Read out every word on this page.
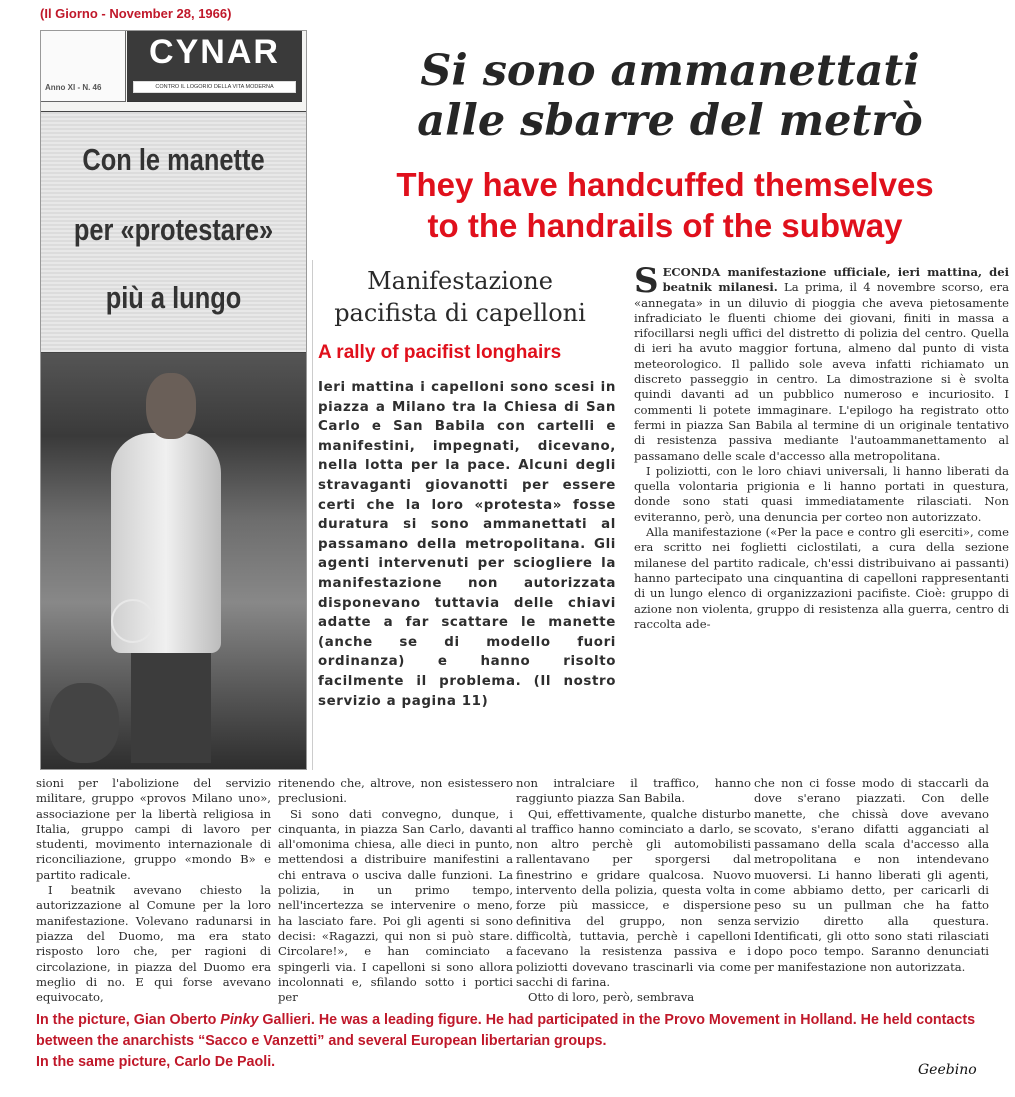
(Il Giorno - November 28, 1966)
Anno XI - N. 46
CYNAR
CONTRO IL LOGORIO DELLA VITA MODERNA
Con le manette
per «protestare»
più a lungo
Si sono ammanettati
alle sbarre del metrò
They have handcuffed themselves
to the handrails of the subway
Manifestazione
pacifista di capelloni
A rally of pacifist longhairs
Ieri mattina i capelloni sono scesi in piazza a Milano tra la Chiesa di San Carlo e San Babila con cartelli e manifestini, impegnati, dicevano, nella lotta per la pace. Alcuni degli stravaganti giovanotti per essere certi che la loro «protesta» fosse duratura si sono ammanettati al passamano della metropolitana. Gli agenti intervenuti per sciogliere la manifestazione non autorizzata disponevano tuttavia delle chiavi adatte a far scattare le manette (anche se di modello fuori ordinanza) e hanno risolto facilmente il problema. (Il nostro servizio a pagina 11)

S ECONDA manifestazione ufficiale, ieri mattina, dei beatnik milanesi. La prima, il 4 novembre scorso, era «annegata» in un diluvio di pioggia che aveva pietosamente infradiciato le fluenti chiome dei giovani, finiti in massa a rifocillarsi negli uffici del distretto di polizia del centro. Quella di ieri ha avuto maggior fortuna, almeno dal punto di vista meteorologico. Il pallido sole aveva infatti richiamato un discreto passeggio in centro. La dimostrazione si è svolta quindi davanti ad un pubblico numeroso e incuriosito. I commenti li potete immaginare. L'epilogo ha registrato otto fermi in piazza San Babila al termine di un originale tentativo di resistenza passiva mediante l'autoammanettamento al passamano delle scale d'accesso alla metropolitana.

I poliziotti, con le loro chiavi universali, li hanno liberati da quella volontaria prigionia e li hanno portati in questura, donde sono stati quasi immediatamente rilasciati. Non eviteranno, però, una denuncia per corteo non autorizzato.

Alla manifestazione («Per la pace e contro gli eserciti», come era scritto nei foglietti ciclostilati, a cura della sezione milanese del partito radicale, ch'essi distribuivano ai passanti) hanno partecipato una cinquantina di capelloni rappresentanti di un lungo elenco di organizzazioni pacifiste. Cioè: gruppo di azione non violenta, gruppo di resistenza alla guerra, centro di raccolta ade-

sioni per l'abolizione del servizio militare, gruppo «provos Milano uno», associazione per la libertà religiosa in Italia, gruppo campi di lavoro per studenti, movimento internazionale di riconciliazione, gruppo «mondo B» e partito radicale.

I beatnik avevano chiesto la autorizzazione al Comune per la loro manifestazione. Volevano radunarsi in piazza del Duomo, ma era stato risposto loro che, per ragioni di circolazione, in piazza del Duomo era meglio di no. E qui forse avevano equivocato,

ritenendo che, altrove, non esistessero preclusioni.

Si sono dati convegno, dunque, i cinquanta, in piazza San Carlo, davanti all'omonima chiesa, alle dieci in punto, mettendosi a distribuire manifestini a chi entrava o usciva dalle funzioni. La polizia, in un primo tempo, nell'incertezza se intervenire o meno, ha lasciato fare. Poi gli agenti si sono decisi: «Ragazzi, qui non si può stare. Circolare!», e han cominciato a spingerli via. I capelloni si sono allora incolonnati e, sfilando sotto i portici per

non intralciare il traffico, hanno raggiunto piazza San Babila.

Qui, effettivamente, qualche disturbo al traffico hanno cominciato a darlo, se non altro perchè gli automobilisti rallentavano per sporgersi dal finestrino e gridare qualcosa. Nuovo intervento della polizia, questa volta in forze più massicce, e dispersione definitiva del gruppo, non senza difficoltà, tuttavia, perchè i capelloni facevano la resistenza passiva e i poliziotti dovevano trascinarli via come sacchi di farina.

Otto di loro, però, sembrava

che non ci fosse modo di staccarli da dove s'erano piazzati. Con delle manette, che chissà dove avevano scovato, s'erano difatti agganciati al passamano della scala d'accesso alla metropolitana e non intendevano muoversi. Li hanno liberati gli agenti, come abbiamo detto, per caricarli di peso su un pullman che ha fatto servizio diretto alla questura. Identificati, gli otto sono stati rilasciati dopo poco tempo. Saranno denunciati per manifestazione non autorizzata.

In the picture, Gian Oberto Pinky Gallieri. He was a leading figure. He had participated in the Provo Movement in Holland. He held contacts between the anarchists “Sacco e Vanzetti” and several European libertarian groups.
In the same picture, Carlo De Paoli.	Geebino
